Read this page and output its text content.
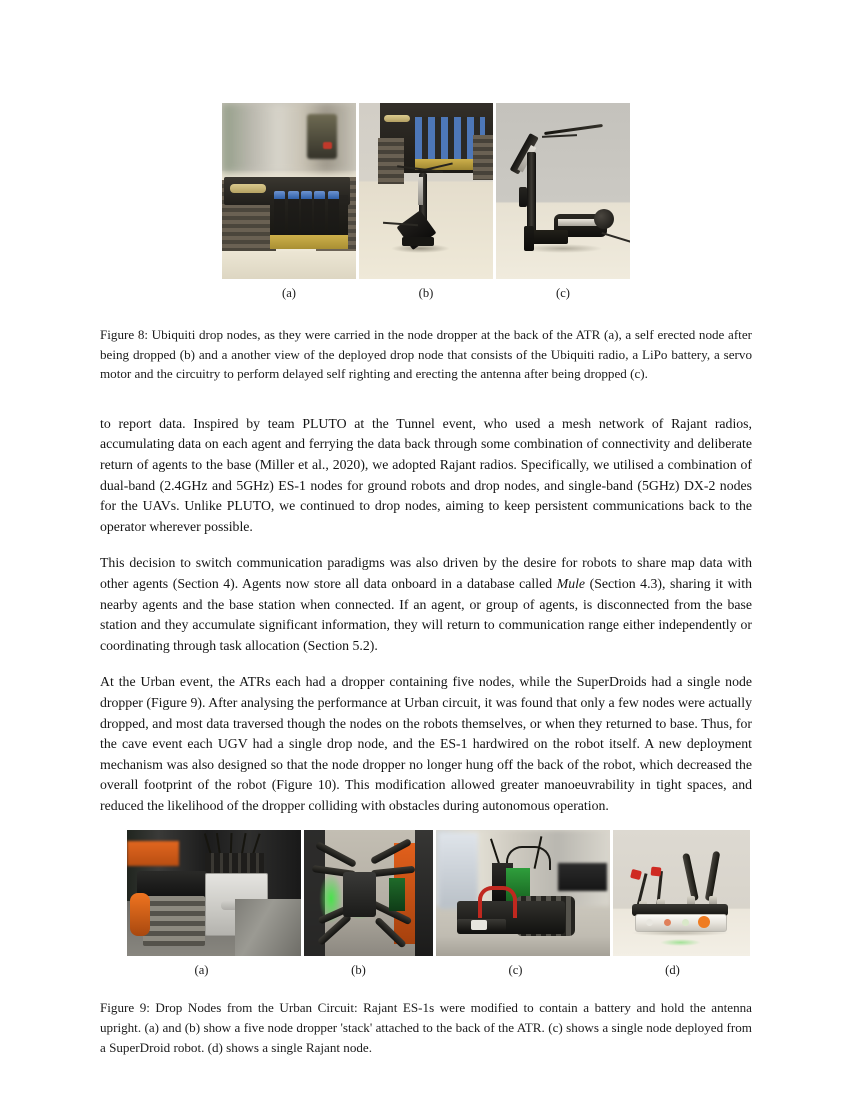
(a)	(b)	(c)

Figure 8: Ubiquiti drop nodes, as they were carried in the node dropper at the back of the ATR (a), a self erected node after being dropped (b) and a another view of the deployed drop node that consists of the Ubiquiti radio, a LiPo battery, a servo motor and the circuitry to perform delayed self righting and erecting the antenna after being dropped (c).

to report data. Inspired by team PLUTO at the Tunnel event, who used a mesh network of Rajant radios, accumulating data on each agent and ferrying the data back through some combination of connectivity and deliberate return of agents to the base (Miller et al., 2020), we adopted Rajant radios. Specifically, we utilised a combination of dual-band (2.4GHz and 5GHz) ES-1 nodes for ground robots and drop nodes, and single-band (5GHz) DX-2 nodes for the UAVs. Unlike PLUTO, we continued to drop nodes, aiming to keep persistent communications back to the operator wherever possible.

This decision to switch communication paradigms was also driven by the desire for robots to share map data with other agents (Section 4). Agents now store all data onboard in a database called Mule (Section 4.3), sharing it with nearby agents and the base station when connected. If an agent, or group of agents, is disconnected from the base station and they accumulate significant information, they will return to communication range either independently or coordinating through task allocation (Section 5.2).

At the Urban event, the ATRs each had a dropper containing five nodes, while the SuperDroids had a single node dropper (Figure 9). After analysing the performance at Urban circuit, it was found that only a few nodes were actually dropped, and most data traversed though the nodes on the robots themselves, or when they returned to base. Thus, for the cave event each UGV had a single drop node, and the ES-1 hardwired on the robot itself. A new deployment mechanism was also designed so that the node dropper no longer hung off the back of the robot, which decreased the overall footprint of the robot (Figure 10). This modification allowed greater manoeuvrability in tight spaces, and reduced the likelihood of the dropper colliding with obstacles during autonomous operation.

(a)	(b)	(c)	(d)

Figure 9: Drop Nodes from the Urban Circuit: Rajant ES-1s were modified to contain a battery and hold the antenna upright. (a) and (b) show a five node dropper 'stack' attached to the back of the ATR. (c) shows a single node deployed from a SuperDroid robot. (d) shows a single Rajant node.
